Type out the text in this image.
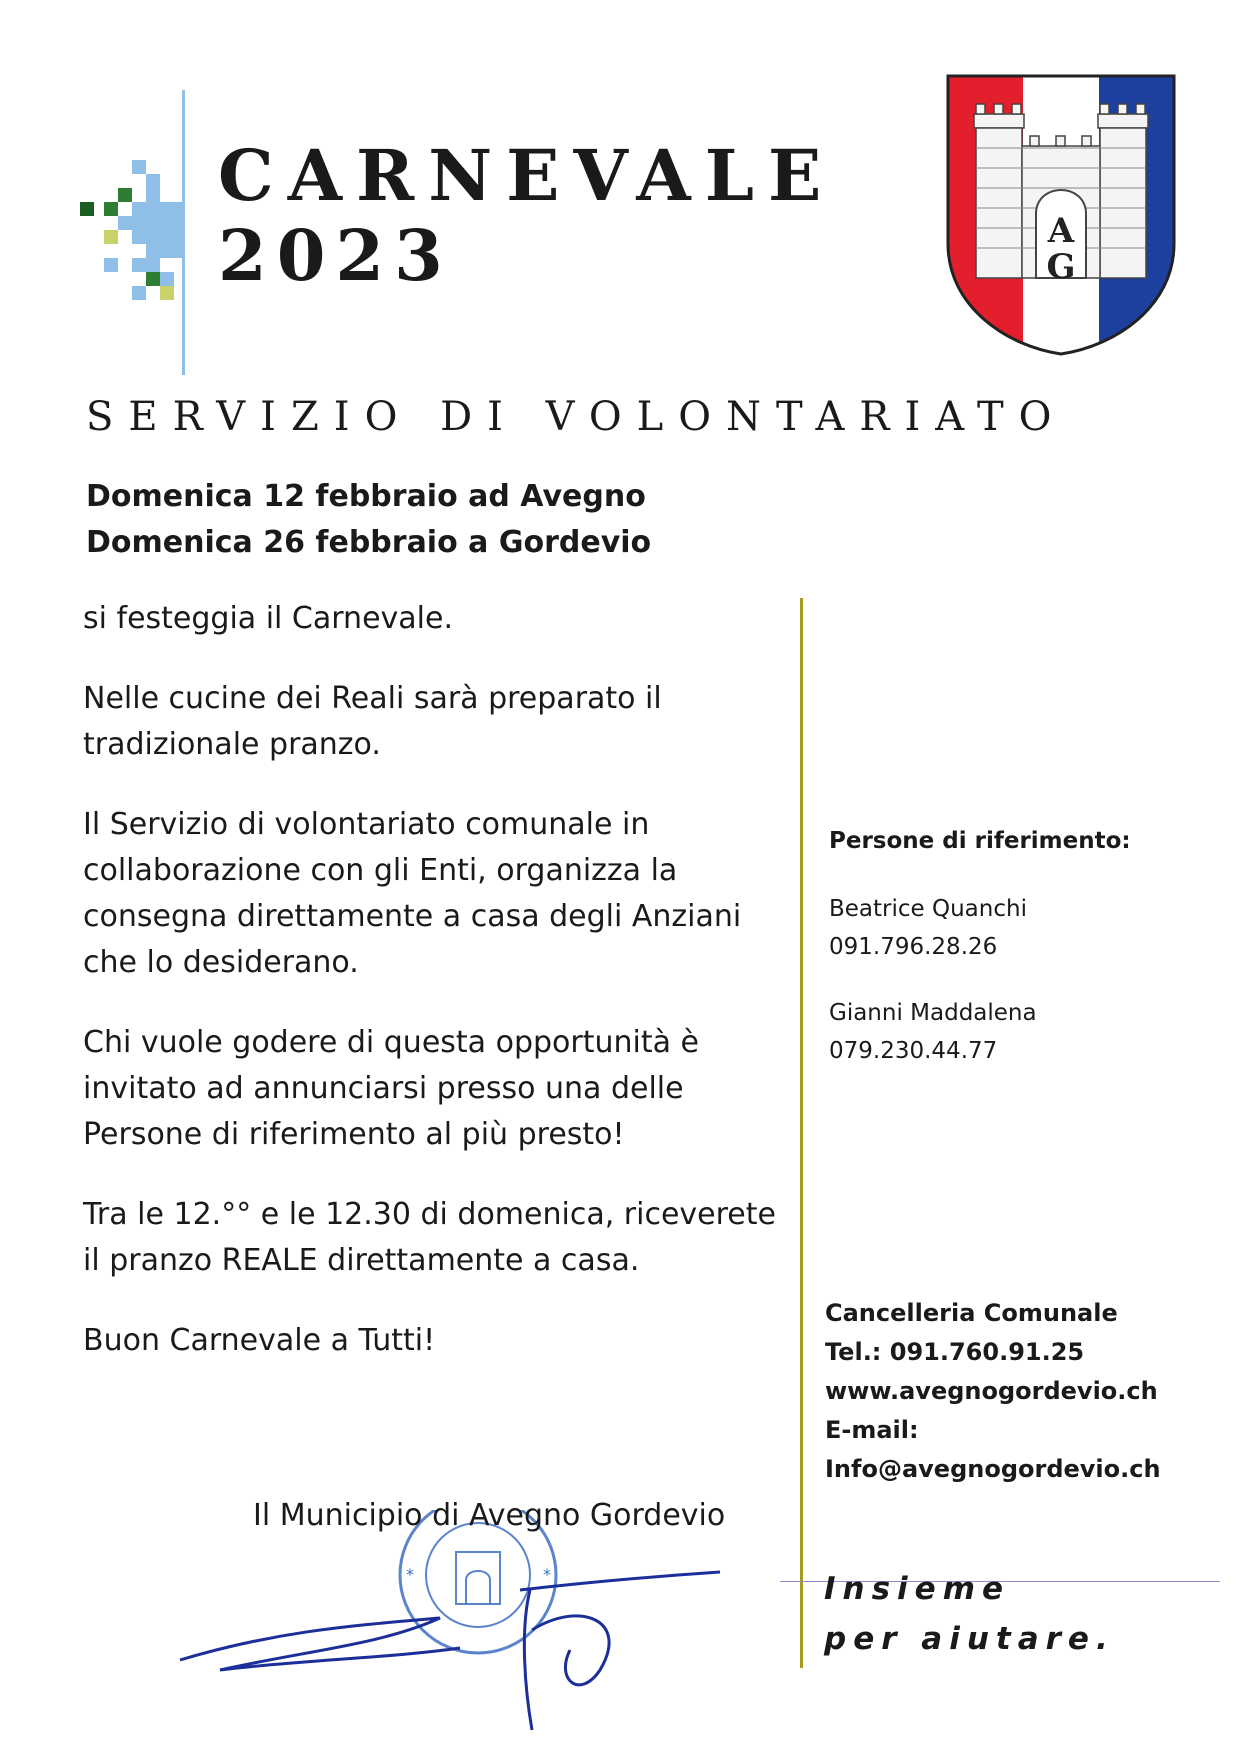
CARNEVALE
2023	A
G
SERVIZIO DI VOLONTARIATO
Domenica 12 febbraio ad Avegno
Domenica 26 febbraio a Gordevio

si festeggia il Carnevale.

Nelle cucine dei Reali sarà preparato il tradizionale pranzo.

Il Servizio di volontariato comunale in collaborazione con gli Enti, organizza la consegna direttamente a casa degli Anziani che lo desiderano.

Chi vuole godere di questa opportunità è invitato ad annunciarsi presso una delle Persone di riferimento al più presto!

Tra le 12.°° e le 12.30 di domenica, riceverete il pranzo REALE direttamente a casa.

Buon Carnevale a Tutti!

Persone di riferimento:
Beatrice Quanchi
091.796.28.26
Gianni Maddalena
079.230.44.77
Cancelleria Comunale
Tel.: 091.760.91.25
www.avegnogordevio.ch
E-mail:
Info@avegnogordevio.ch
*	*
Il Municipio di Avegno Gordevio
Insieme
per aiutare.
